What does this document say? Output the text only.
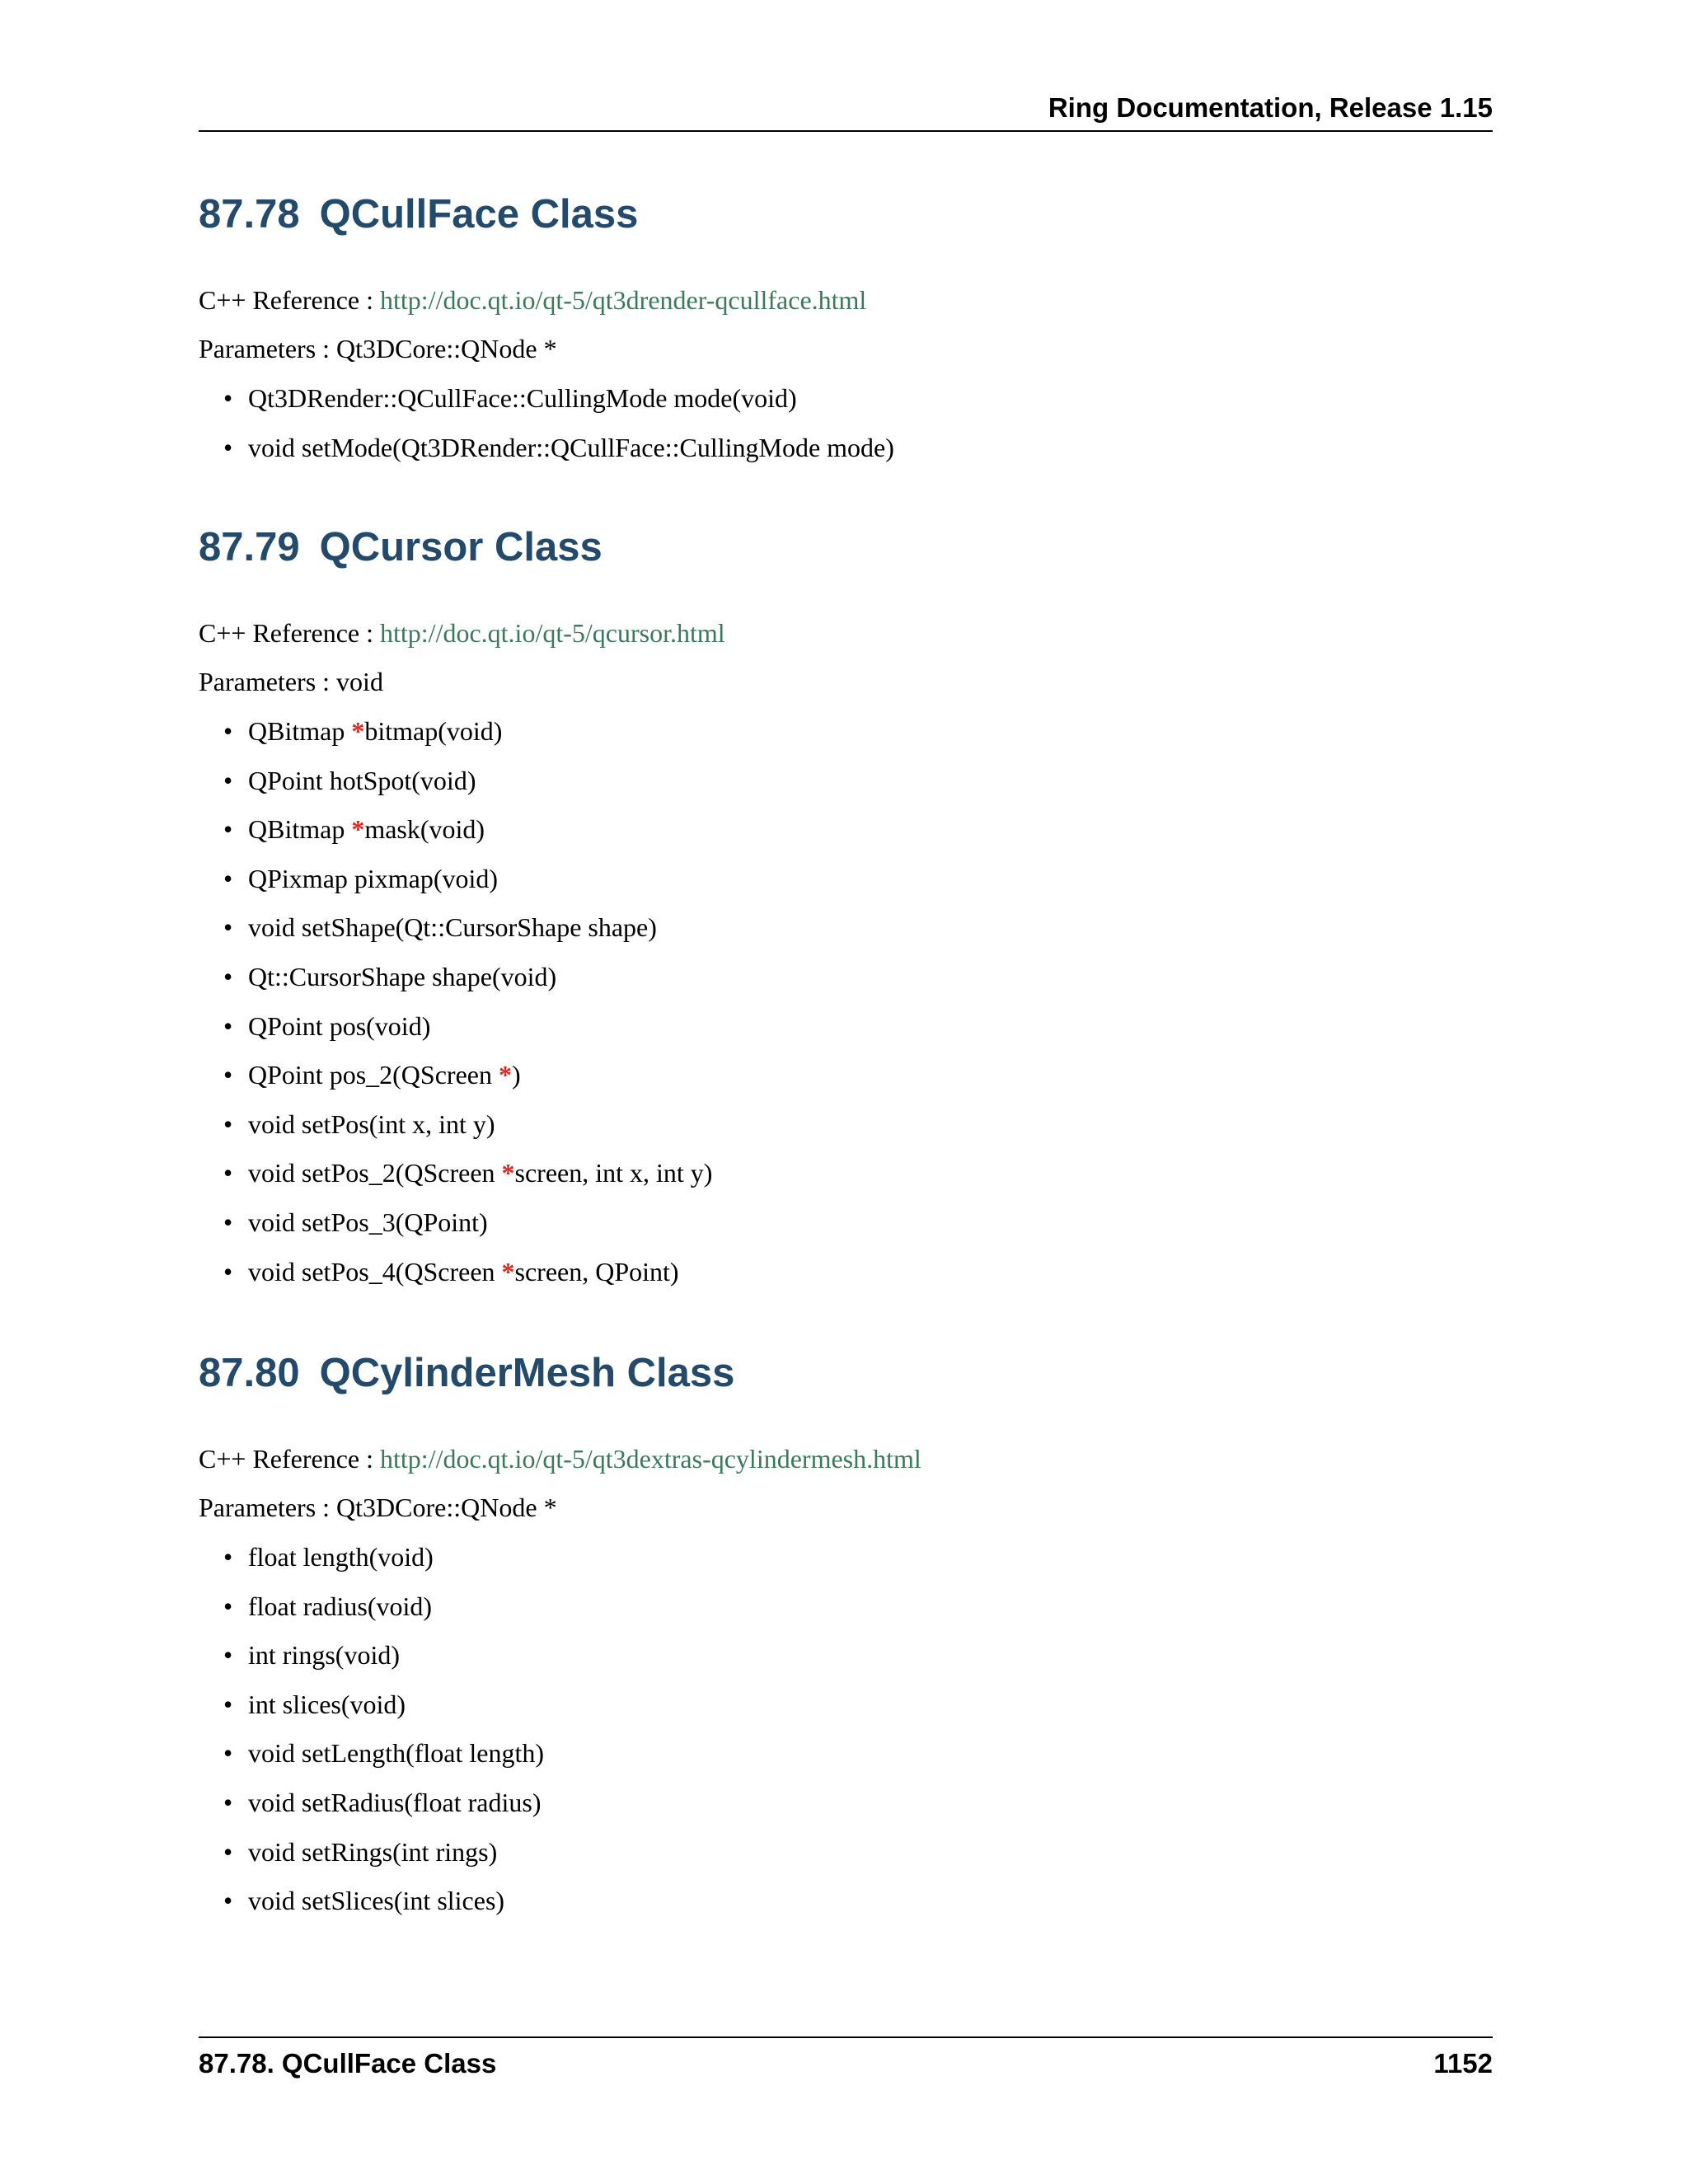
Ring Documentation, Release 1.15
87.78 QCullFace Class
C++ Reference : http://doc.qt.io/qt-5/qt3drender-qcullface.html
Parameters : Qt3DCore::QNode *
• Qt3DRender::QCullFace::CullingMode mode(void)
• void setMode(Qt3DRender::QCullFace::CullingMode mode)
87.79 QCursor Class
C++ Reference : http://doc.qt.io/qt-5/qcursor.html
Parameters : void
• QBitmap *bitmap(void)
• QPoint hotSpot(void)
• QBitmap *mask(void)
• QPixmap pixmap(void)
• void setShape(Qt::CursorShape shape)
• Qt::CursorShape shape(void)
• QPoint pos(void)
• QPoint pos_2(QScreen *)
• void setPos(int x, int y)
• void setPos_2(QScreen *screen, int x, int y)
• void setPos_3(QPoint)
• void setPos_4(QScreen *screen, QPoint)
87.80 QCylinderMesh Class
C++ Reference : http://doc.qt.io/qt-5/qt3dextras-qcylindermesh.html
Parameters : Qt3DCore::QNode *
• float length(void)
• float radius(void)
• int rings(void)
• int slices(void)
• void setLength(float length)
• void setRadius(float radius)
• void setRings(int rings)
• void setSlices(int slices)
87.78. QCullFace Class	1152
